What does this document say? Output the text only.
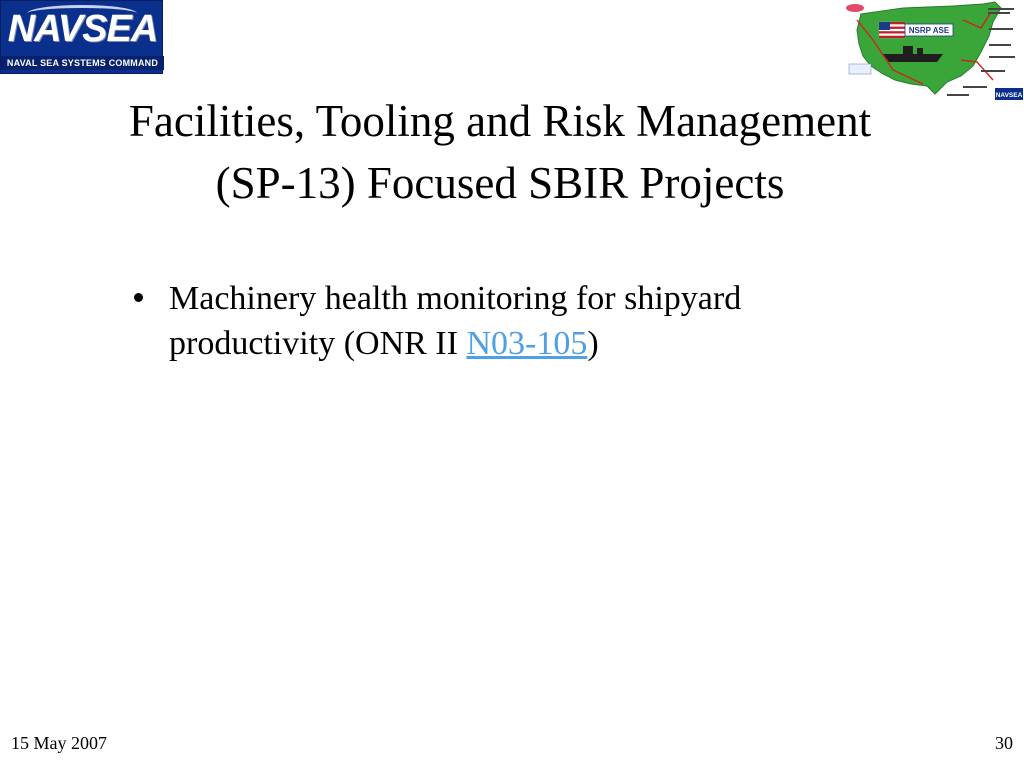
NAVSEA
NAVAL SEA SYSTEMS COMMAND
NSRP ASE
NAVSEA
Facilities, Tooling and Risk Management
(SP-13) Focused SBIR Projects
Machinery health monitoring for shipyard productivity (ONR II N03-105)
15 May 2007	30
